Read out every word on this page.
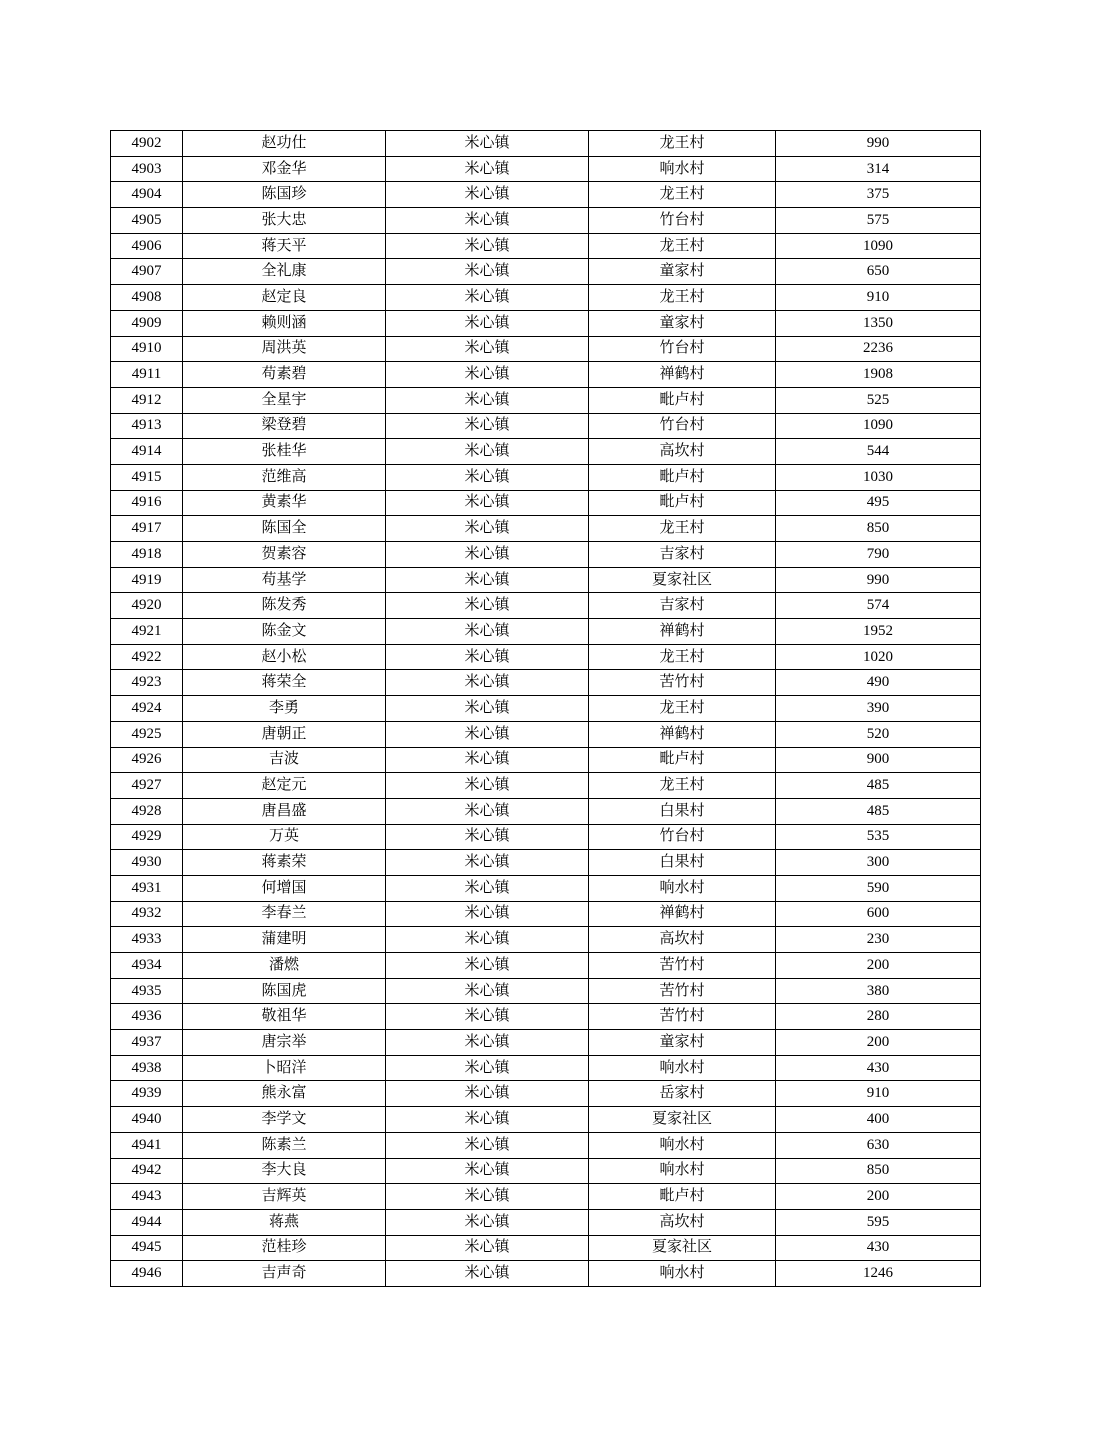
4902	赵功仕	米心镇	龙王村	990
4903	邓金华	米心镇	响水村	314
4904	陈国珍	米心镇	龙王村	375
4905	张大忠	米心镇	竹台村	575
4906	蒋天平	米心镇	龙王村	1090
4907	全礼康	米心镇	童家村	650
4908	赵定良	米心镇	龙王村	910
4909	赖则涵	米心镇	童家村	1350
4910	周洪英	米心镇	竹台村	2236
4911	苟素碧	米心镇	禅鹤村	1908
4912	全星宇	米心镇	毗卢村	525
4913	梁登碧	米心镇	竹台村	1090
4914	张桂华	米心镇	高坎村	544
4915	范维高	米心镇	毗卢村	1030
4916	黄素华	米心镇	毗卢村	495
4917	陈国全	米心镇	龙王村	850
4918	贺素容	米心镇	吉家村	790
4919	苟基学	米心镇	夏家社区	990
4920	陈发秀	米心镇	吉家村	574
4921	陈金文	米心镇	禅鹤村	1952
4922	赵小松	米心镇	龙王村	1020
4923	蒋荣全	米心镇	苦竹村	490
4924	李勇	米心镇	龙王村	390
4925	唐朝正	米心镇	禅鹤村	520
4926	吉波	米心镇	毗卢村	900
4927	赵定元	米心镇	龙王村	485
4928	唐昌盛	米心镇	白果村	485
4929	万英	米心镇	竹台村	535
4930	蒋素荣	米心镇	白果村	300
4931	何增国	米心镇	响水村	590
4932	李春兰	米心镇	禅鹤村	600
4933	蒲建明	米心镇	高坎村	230
4934	潘燃	米心镇	苦竹村	200
4935	陈国虎	米心镇	苦竹村	380
4936	敬祖华	米心镇	苦竹村	280
4937	唐宗举	米心镇	童家村	200
4938	卜昭洋	米心镇	响水村	430
4939	熊永富	米心镇	岳家村	910
4940	李学文	米心镇	夏家社区	400
4941	陈素兰	米心镇	响水村	630
4942	李大良	米心镇	响水村	850
4943	吉辉英	米心镇	毗卢村	200
4944	蒋燕	米心镇	高坎村	595
4945	范桂珍	米心镇	夏家社区	430
4946	吉声奇	米心镇	响水村	1246
